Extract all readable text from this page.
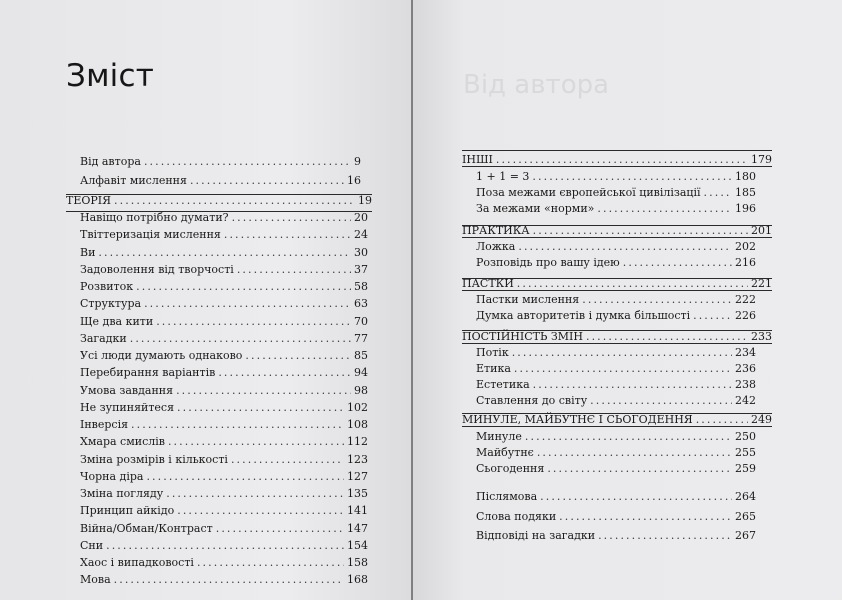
Зміст
Від автора .....	9
Алфавіт мислення .....	16
ТЕОРІЯ .....	19
Навіщо потрібно думати? .....	20
Твіттеризація мислення .....	24
Ви .....	30
Задоволення від творчості .....	37
Розвиток .....	58
Структура .....	63
Ще два кити .....	70
Загадки .....	77
Усі люди думають однаково .....	85
Перебирання варіантів .....	94
Умова завдання .....	98
Не зупиняйтеся .....	102
Інверсія .....	108
Хмара смислів .....	112
Зміна розмірів і кількості .....	123
Чорна діра .....	127
Зміна погляду .....	135
Принцип айкідо .....	141
Війна/Обман/Контраст .....	147
Сни .....	154
Хаос і випадковості .....	158
Мова .....	168
Від автора
ІНШІ .....	179
1 + 1 = 3 .....	180
Поза межами європейської цивілізації .....	185
За межами «норми» .....	196
ПРАКТИКА .....	201
Ложка .....	202
Розповідь про вашу ідею .....	216
ПАСТКИ .....	221
Пастки мислення .....	222
Думка авторитетів і думка більшості .....	226
ПОСТІЙНІСТЬ ЗМІН .....	233
Потік .....	234
Етика .....	236
Естетика .....	238
Ставлення до світу .....	242
МИНУЛЕ, МАЙБУТНЄ І СЬОГОДЕННЯ .....	249
Минуле .....	250
Майбутнє .....	255
Сьогодення .....	259
Післямова .....	264
Слова подяки .....	265
Відповіді на загадки .....	267
